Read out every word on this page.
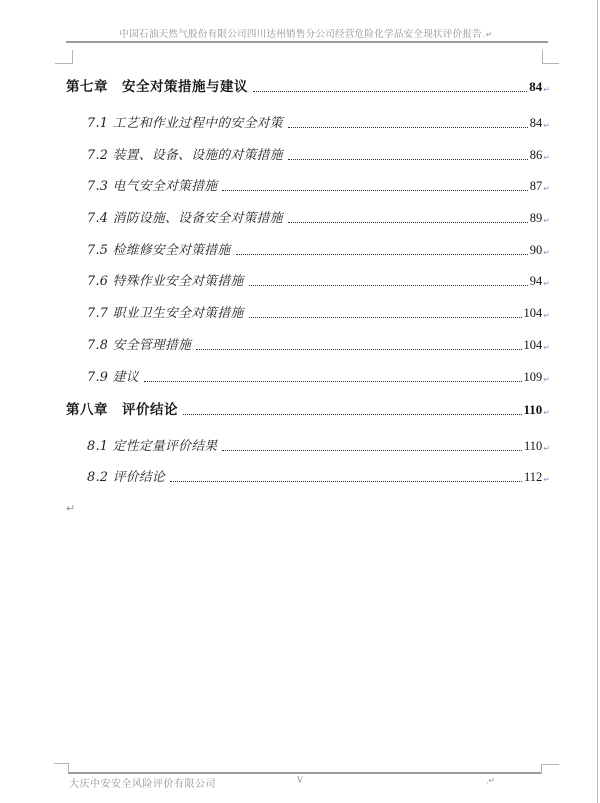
中国石油天然气股份有限公司四川达州销售分公司经营危险化学品安全现状评价报告.↵
第七章　安全对策措施与建议	84 ↵
7.1 工艺和作业过程中的安全对策	84 ↵
7.2 装置、设备、设施的对策措施	86 ↵
7.3 电气安全对策措施	87 ↵
7.4 消防设施、设备安全对策措施	89 ↵
7.5 检维修安全对策措施	90 ↵
7.6 特殊作业安全对策措施	94 ↵
7.7 职业卫生安全对策措施	104 ↵
7.8 安全管理措施	104 ↵
7.9 建议	109 ↵
第八章　评价结论	110 ↵
8.1 定性定量评价结果	110 ↵
8.2 评价结论	112 ↵
↵
大庆中安安全风险评价有限公司	V	,↵
